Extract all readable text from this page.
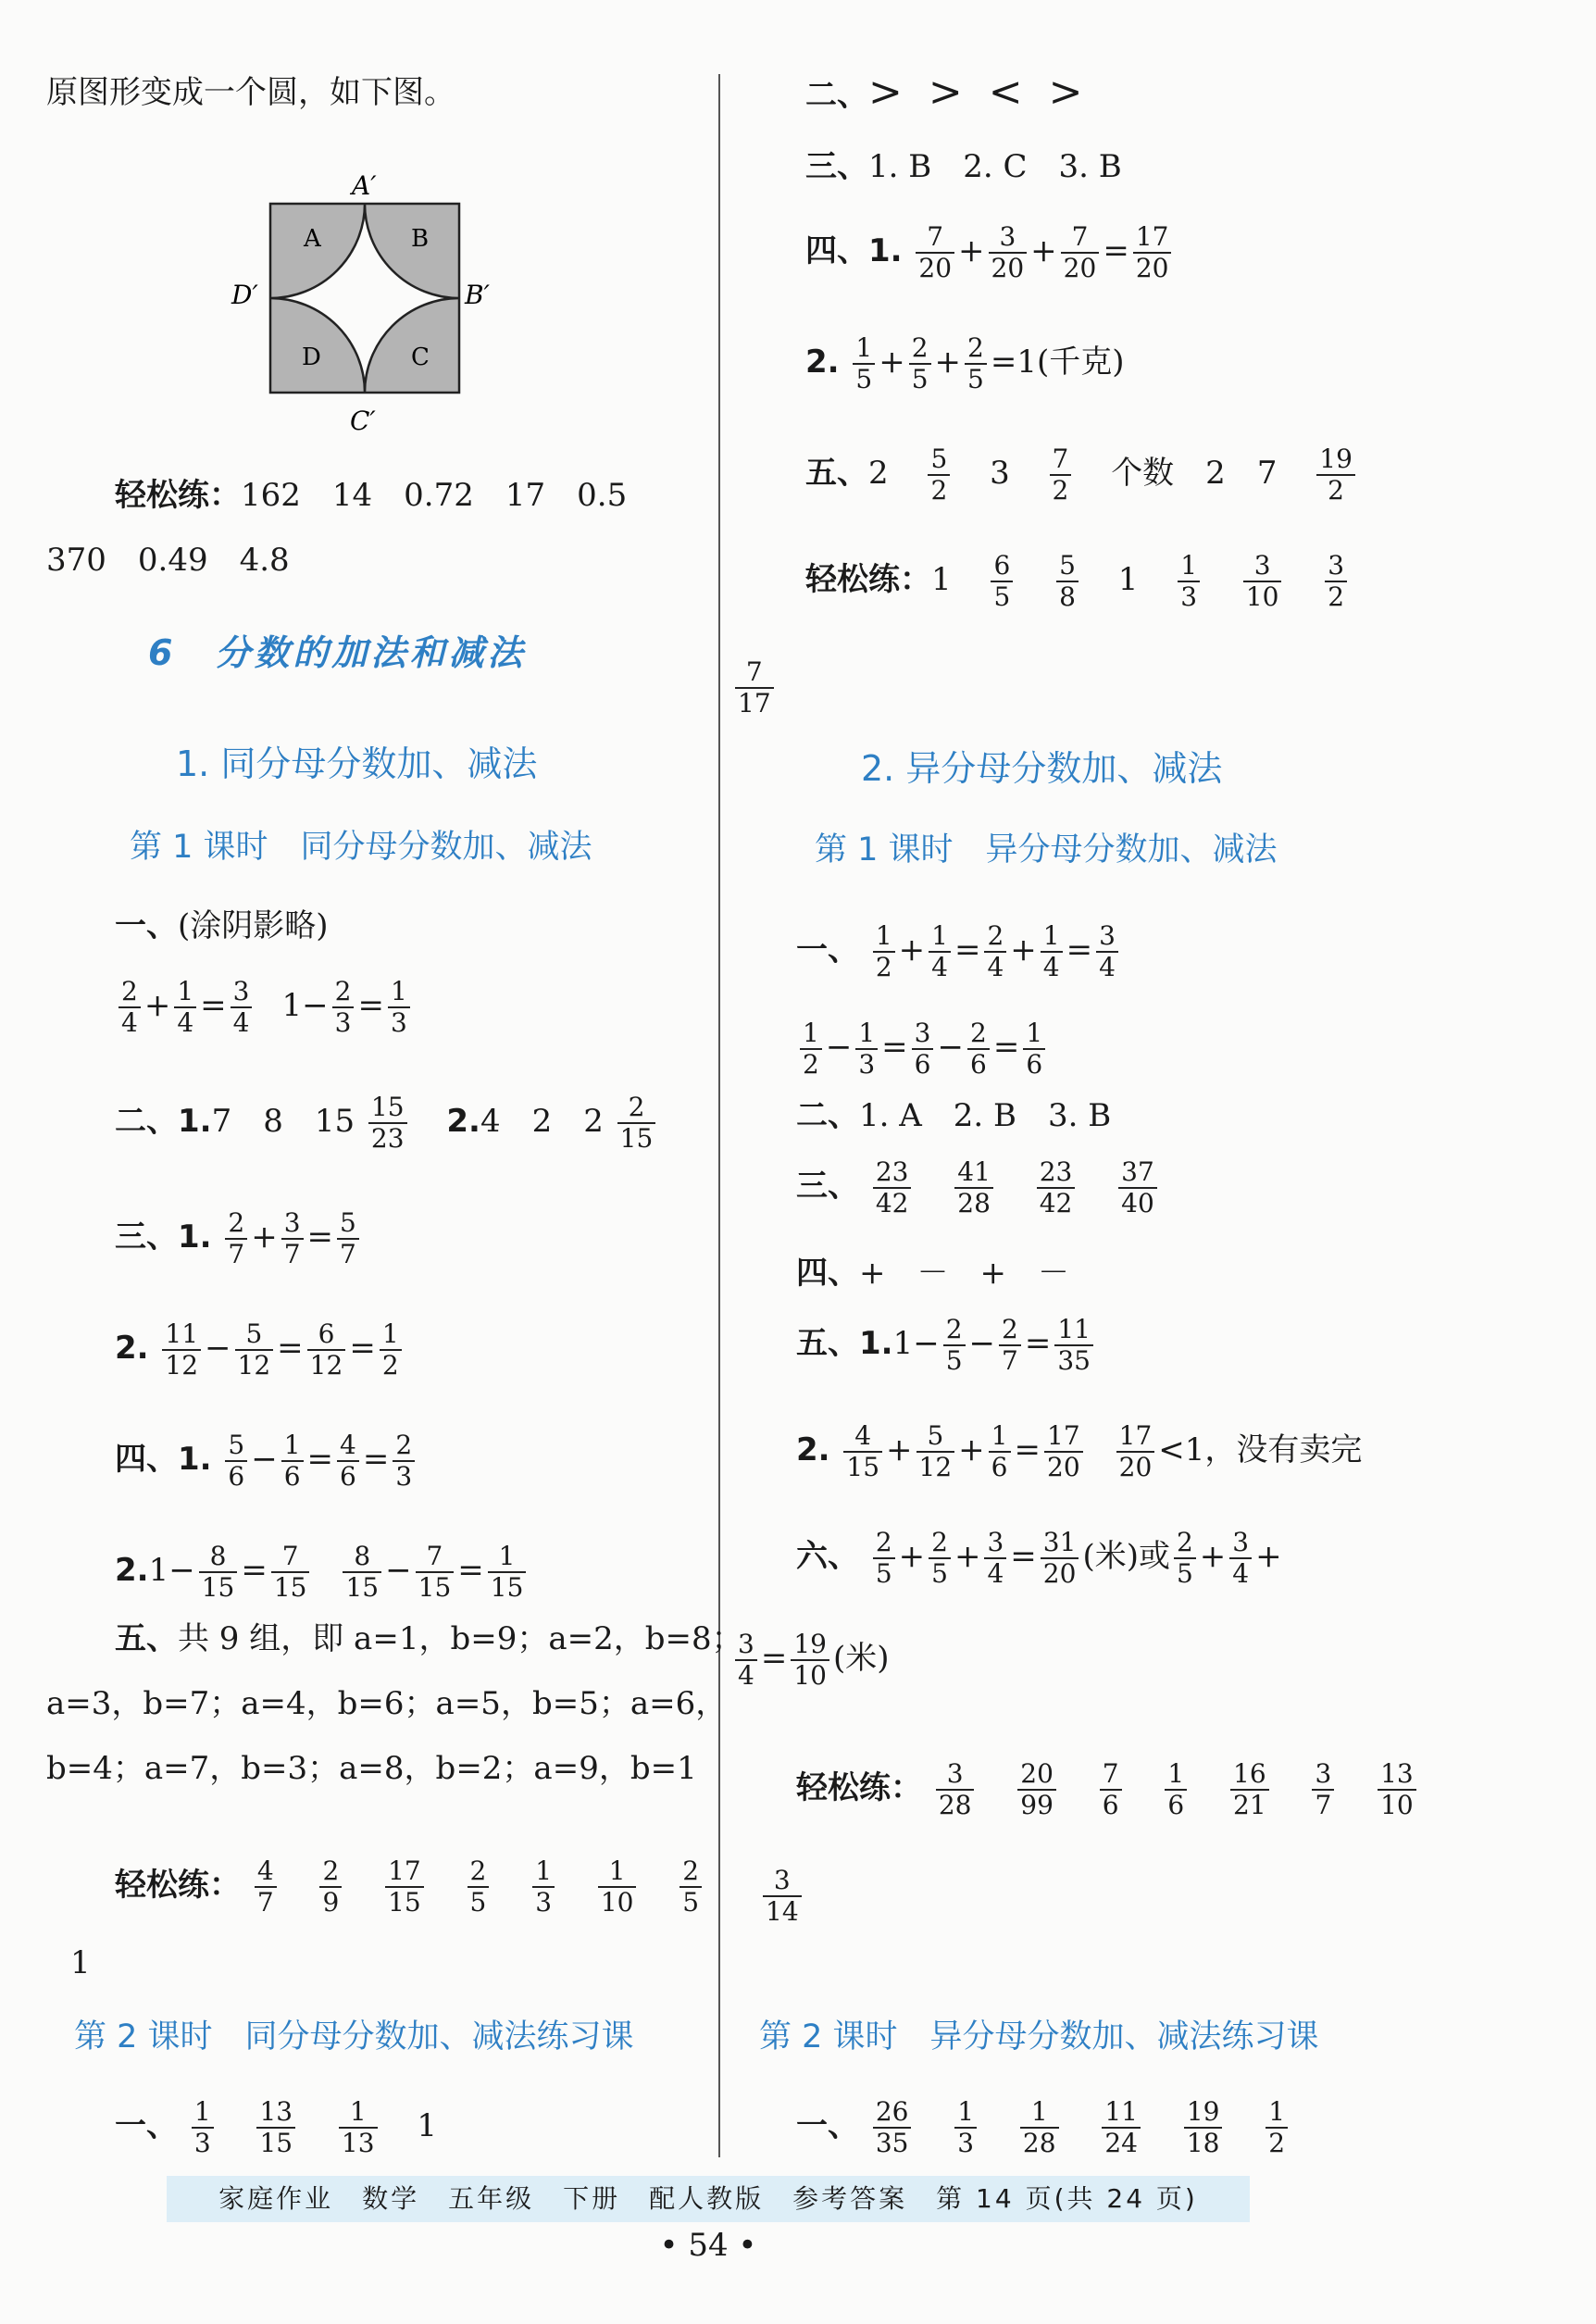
原图形变成一个圆，如下图。
A	B
C
D
A′
B′
C′
D′
轻松练：162　14　0.72　17　0.5
370　0.49　4.8
6　分数的加法和减法
1. 同分母分数加、减法
第 1 课时　同分母分数加、减法
一、(涂阴影略)
$\frac{2}{4} + \frac{1}{4} = \frac{3}{4} 1- \frac{2}{3} = \frac{1}{3}$
二、1.7　8　$15 \frac{15}{23} 2.4$　2　$2 \frac{2}{15}$
三、1. $\frac{2}{7} + \frac{3}{7} = \frac{5}{7}$
2. $\frac{11}{12} - \frac{5}{12} = \frac{6}{12} = \frac{1}{2}$
四、1. $\frac{5}{6} - \frac{1}{6} = \frac{4}{6} = \frac{2}{3}$
$2.1- \frac{8}{15} = \frac{7}{15} \frac{8}{15} - \frac{7}{15} = \frac{1}{15}$
五、共 9 组，即 a=1，b=9；a=2，b=8；
a=3，b=7；a=4，b=6；a=5，b=5；a=6，
b=4；a=7，b=3；a=8，b=2；a=9，b=1
轻松练： $\frac{4}{7}$
$\frac{2}{9}$
$\frac{17}{15}$
$\frac{2}{5}$
$\frac{1}{3}$
$\frac{1}{10}$
$\frac{2}{5}$
1
第 2 课时　同分母分数加、减法练习课
一、 $\frac{1}{3}$
$\frac{13}{15}$
$\frac{1}{13} 1$
二、> > < >
三、1. B　2. C　3. B
四、1. $\frac{7}{20} + \frac{3}{20} + \frac{7}{20} = \frac{17}{20}$
2. $\frac{1}{5} + \frac{2}{5} + \frac{2}{5} =1$(千克)
五、$2 \frac{5}{2} 3 \frac{7}{2}$ 个数　2　$7 \frac{19}{2}$
轻松练：$1 \frac{6}{5}$
$\frac{5}{8} 1 \frac{1}{3}$
$\frac{3}{10}$
$\frac{3}{2}$
$\frac{7}{17}$
2. 异分母分数加、减法
第 1 课时　异分母分数加、减法
一、 $\frac{1}{2} + \frac{1}{4} = \frac{2}{4} + \frac{1}{4} = \frac{3}{4}$
$\frac{1}{2} - \frac{1}{3} = \frac{3}{6} - \frac{2}{6} = \frac{1}{6}$
二、1. A　2. B　3. B
三、 $\frac{23}{42}$
$\frac{41}{28}$
$\frac{23}{42}$
$\frac{37}{40}$
四、+　－　+　－
五、$1.1- \frac{2}{5} - \frac{2}{7} = \frac{11}{35}$
2. $\frac{4}{15} + \frac{5}{12} + \frac{1}{6} = \frac{17}{20} \frac{17}{20} <1$，没有卖完
六、 $\frac{2}{5} + \frac{2}{5} + \frac{3}{4} = \frac{31}{20}$ (米)或 $\frac{2}{5} + \frac{3}{4}$ +
$\frac{3}{4} = \frac{19}{10}$ (米)
轻松练： $\frac{3}{28}$
$\frac{20}{99}$
$\frac{7}{6}$
$\frac{1}{6}$
$\frac{16}{21}$
$\frac{3}{7}$
$\frac{13}{10}$
$\frac{3}{14}$
第 2 课时　异分母分数加、减法练习课
一、 $\frac{26}{35}$
$\frac{1}{3}$
$\frac{1}{28}$
$\frac{11}{24}$
$\frac{19}{18}$
$\frac{1}{2}$
家庭作业　数学　五年级　下册　配人教版　参考答案　第 14 页(共 24 页)
• 54 •
